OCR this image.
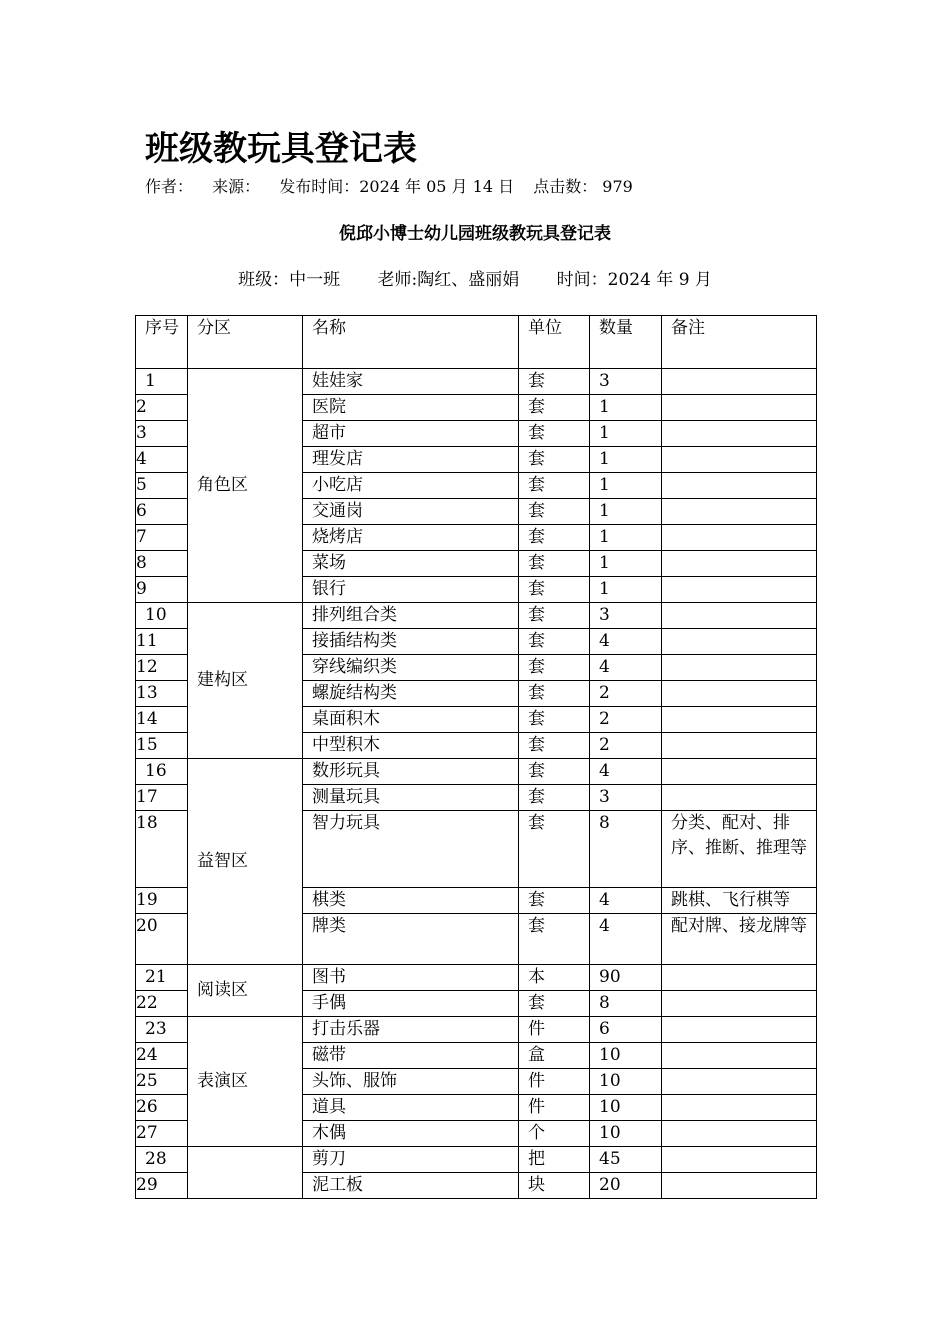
班级教玩具登记表
作者： 来源： 发布时间：2024 年 05 月 14 日 点击数： 979
倪邱小博士幼儿园班级教玩具登记表
班级：中一班 老师:陶红、盛丽娟 时间：2024 年 9 月
序号	分区	名称	单位	数量	备注
1	角色区	娃娃家	套	3	
2		医院	套	1	
3		超市	套	1	
4		理发店	套	1	
5		小吃店	套	1	
6		交通岗	套	1	
7		烧烤店	套	1	
8		菜场	套	1	
9		银行	套	1	
10	建构区	排列组合类	套	3	
11		接插结构类	套	4	
12		穿线编织类	套	4	
13		螺旋结构类	套	2	
14		桌面积木	套	2	
15		中型积木	套	2	
16	益智区	数形玩具	套	4	
17		测量玩具	套	3	
18		智力玩具	套	8	分类、配对、排序、推断、推理等
19		棋类	套	4	跳棋、飞行棋等
20		牌类	套	4	配对牌、接龙牌等
21	阅读区	图书	本	90	
22		手偶	套	8	
23	表演区	打击乐器	件	6	
24		磁带	盒	10	
25		头饰、服饰	件	10	
26		道具	件	10	
27		木偶	个	10	
28		剪刀	把	45	
29		泥工板	块	20	
